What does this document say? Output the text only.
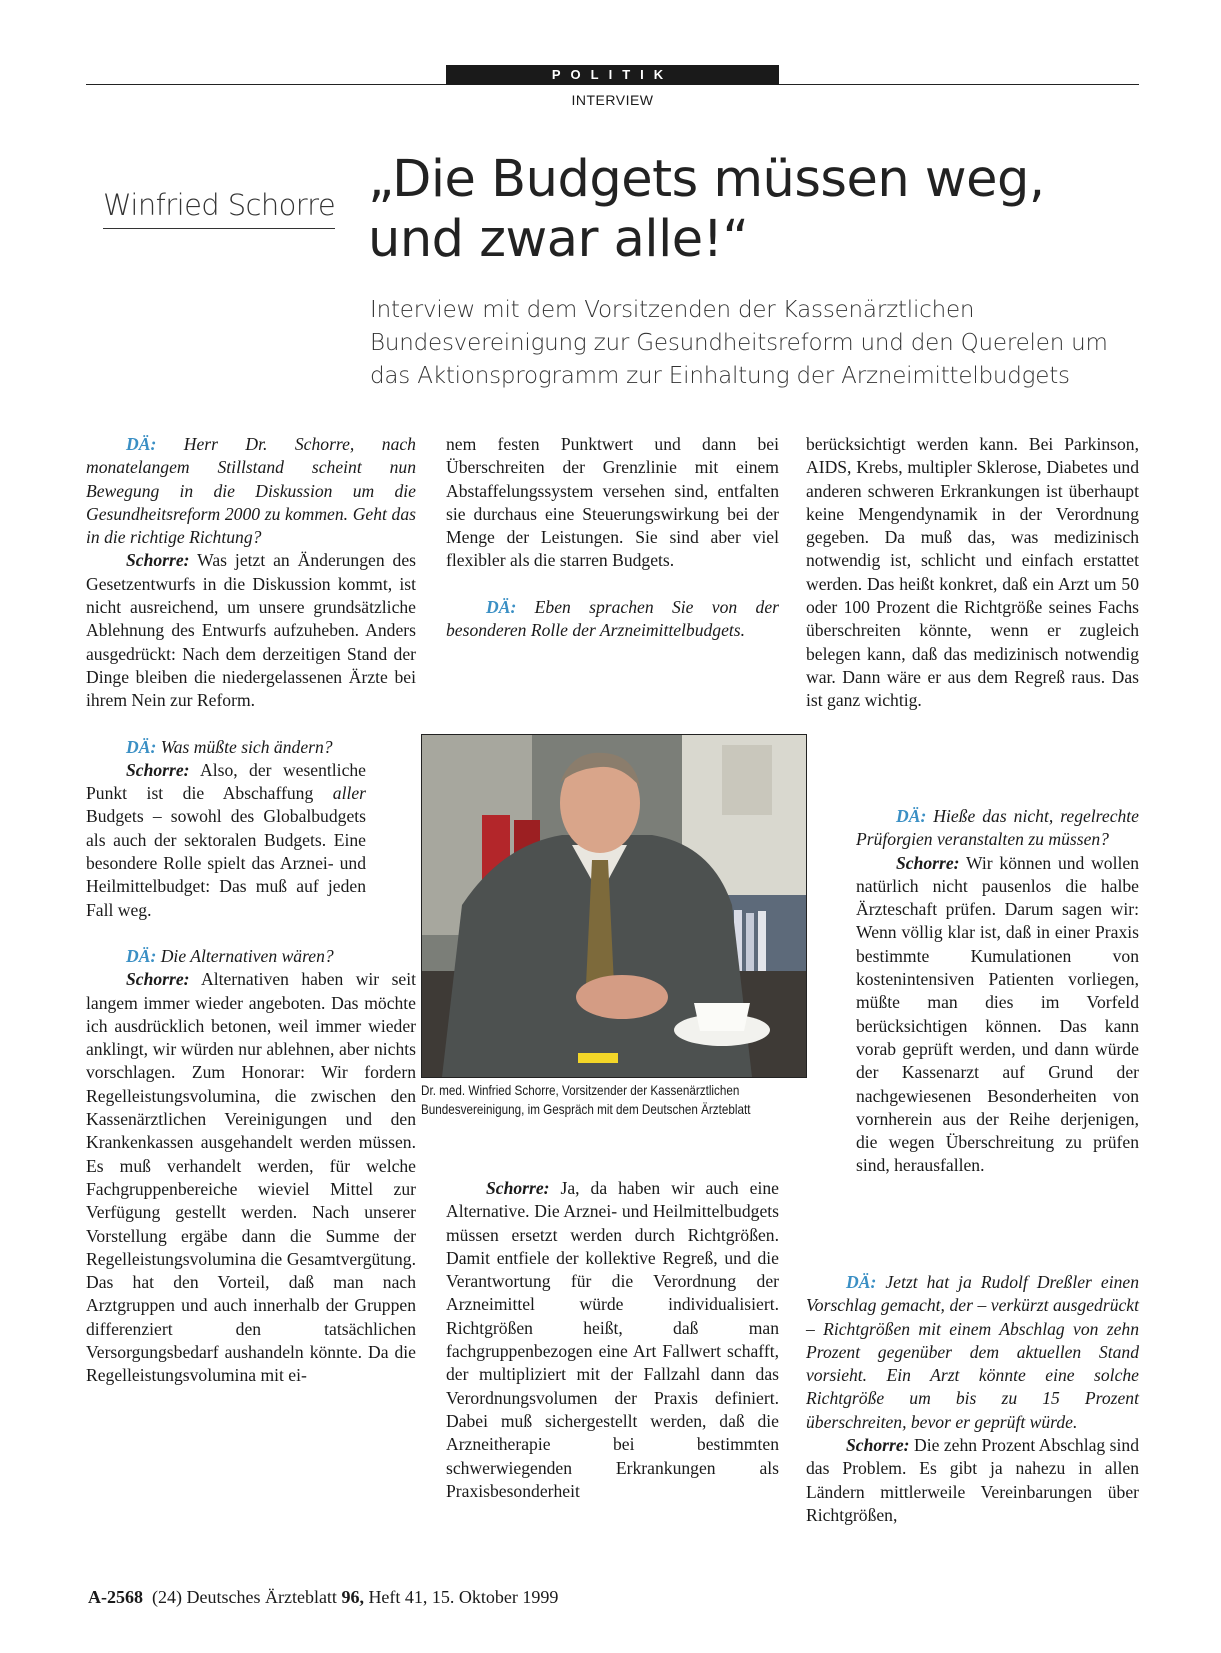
POLITIK
INTERVIEW
Winfried Schorre „Die Budgets müssen weg,
und zwar alle!“
Interview mit dem Vorsitzenden der Kassenärztlichen
Bundesvereinigung zur Gesundheitsreform und den Querelen um
das Aktionsprogramm zur Einhaltung der Arzneimittelbudgets

DÄ: Herr Dr. Schorre, nach monatelangem Stillstand scheint nun Bewegung in die Diskussion um die Gesundheitsreform 2000 zu kommen. Geht das in die richtige Richtung?

Schorre: Was jetzt an Änderungen des Gesetzentwurfs in die Diskussion kommt, ist nicht ausreichend, um unsere grundsätzliche Ablehnung des Entwurfs aufzuheben. Anders ausgedrückt: Nach dem derzeitigen Stand der Dinge bleiben die niedergelassenen Ärzte bei ihrem Nein zur Reform.

DÄ: Was müßte sich ändern?

Schorre: Also, der wesentliche Punkt ist die Abschaffung aller Budgets – sowohl des Globalbudgets als auch der sektoralen Budgets. Eine besondere Rolle spielt das Arznei- und Heilmittelbudget: Das muß auf jeden Fall weg.

DÄ: Die Alternativen wären?

Schorre: Alternativen haben wir seit langem immer wieder angeboten. Das möchte ich ausdrücklich betonen, weil immer wieder anklingt, wir würden nur ablehnen, aber nichts vorschlagen. Zum Honorar: Wir fordern Regelleistungsvolumina, die zwischen den Kassenärztlichen Vereinigungen und den Krankenkassen ausgehandelt werden müssen. Es muß verhandelt werden, für welche Fachgruppenbereiche wieviel Mittel zur Verfügung gestellt werden. Nach unserer Vorstellung ergäbe dann die Summe der Regelleistungsvolumina die Gesamtvergütung. Das hat den Vorteil, daß man nach Arztgruppen und auch innerhalb der Gruppen differenziert den tatsächlichen Versorgungsbedarf aushandeln könnte. Da die Regelleistungsvolumina mit ei-

nem festen Punktwert und dann bei Überschreiten der Grenzlinie mit einem Abstaffelungssystem versehen sind, entfalten sie durchaus eine Steuerungswirkung bei der Menge der Leistungen. Sie sind aber viel flexibler als die starren Budgets.

DÄ: Eben sprachen Sie von der besonderen Rolle der Arzneimittelbudgets.

Dr. med. Winfried Schorre, Vorsitzender der Kassenärztlichen
Bundesvereinigung, im Gespräch mit dem Deutschen Ärzteblatt

Schorre: Ja, da haben wir auch eine Alternative. Die Arznei- und Heilmittelbudgets müssen ersetzt werden durch Richtgrößen. Damit entfiele der kollektive Regreß, und die Verantwortung für die Verordnung der Arzneimittel würde individualisiert. Richtgrößen heißt, daß man fachgruppenbezogen eine Art Fallwert schafft, der multipliziert mit der Fallzahl dann das Verordnungsvolumen der Praxis definiert. Dabei muß sichergestellt werden, daß die Arzneitherapie bei bestimmten schwerwiegenden Erkrankungen als Praxisbesonderheit

berücksichtigt werden kann. Bei Parkinson, AIDS, Krebs, multipler Sklerose, Diabetes und anderen schweren Erkrankungen ist überhaupt keine Mengendynamik in der Verordnung gegeben. Da muß das, was medizinisch notwendig ist, schlicht und einfach erstattet werden. Das heißt konkret, daß ein Arzt um 50 oder 100 Prozent die Richtgröße seines Fachs überschreiten könnte, wenn er zugleich belegen kann, daß das medizinisch notwendig war. Dann wäre er aus dem Regreß raus. Das ist ganz wichtig.

DÄ: Hieße das nicht, regelrechte Prüforgien veranstalten zu müssen?

Schorre: Wir können und wollen natürlich nicht pausenlos die halbe Ärzteschaft prüfen. Darum sagen wir: Wenn völlig klar ist, daß in einer Praxis bestimmte Kumulationen von kostenintensiven Patienten vorliegen, müßte man dies im Vorfeld berücksichtigen können. Das kann vorab geprüft werden, und dann würde der Kassenarzt auf Grund der nachgewiesenen Besonderheiten von vornherein aus der Reihe derjenigen, die wegen Überschreitung zu prüfen sind, herausfallen.

DÄ: Jetzt hat ja Rudolf Dreßler einen Vorschlag gemacht, der – verkürzt ausgedrückt – Richtgrößen mit einem Abschlag von zehn Prozent gegenüber dem aktuellen Stand vorsieht. Ein Arzt könnte eine solche Richtgröße um bis zu 15 Prozent überschreiten, bevor er geprüft würde.

Schorre: Die zehn Prozent Abschlag sind das Problem. Es gibt ja nahezu in allen Ländern mittlerweile Vereinbarungen über Richtgrößen,

A-2568 (24) Deutsches Ärzteblatt 96, Heft 41, 15. Oktober 1999
